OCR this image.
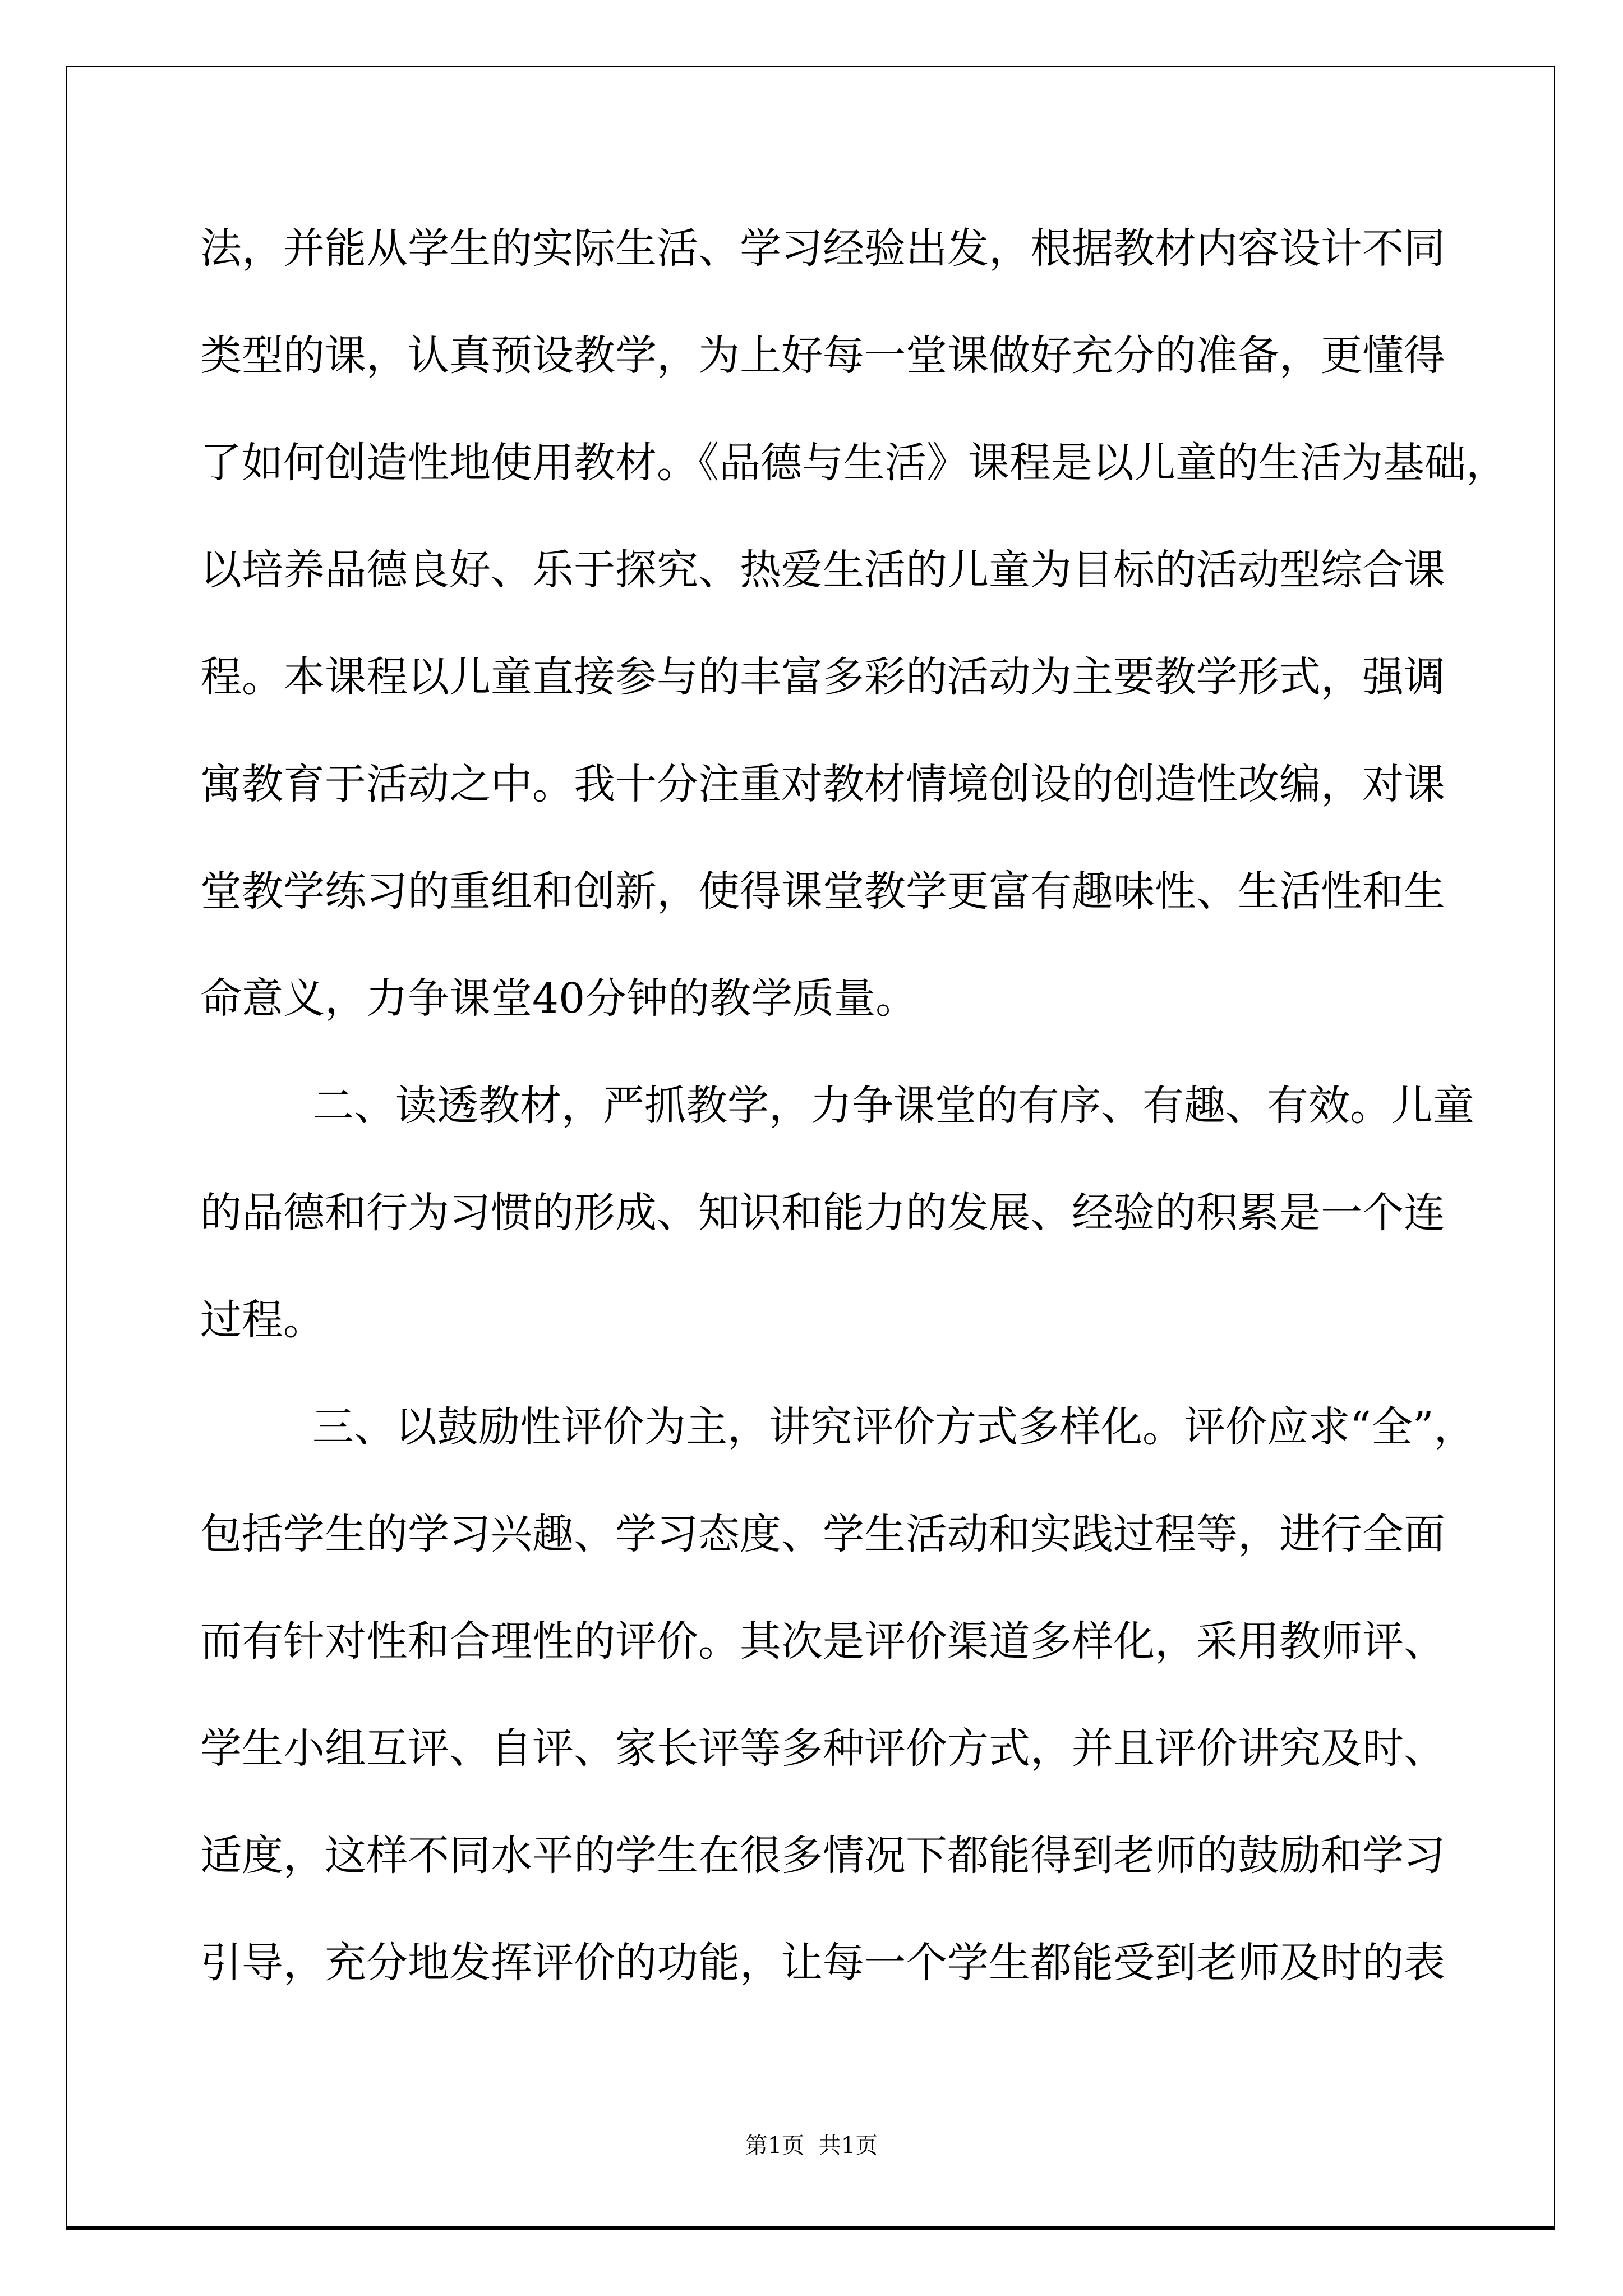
法，并能从学生的实际生活、学习经验出发，根据教材内容设计不同
类型的课，认真预设教学，为上好每一堂课做好充分的准备，更懂得
了如何创造性地使用教材。《品德与生活》课程是以儿童的生活为基础，
以培养品德良好、乐于探究、热爱生活的儿童为目标的活动型综合课
程。本课程以儿童直接参与的丰富多彩的活动为主要教学形式，强调
寓教育于活动之中。我十分注重对教材情境创设的创造性改编，对课
堂教学练习的重组和创新，使得课堂教学更富有趣味性、生活性和生
命意义，力争课堂40分钟的教学质量。
二、读透教材，严抓教学，力争课堂的有序、有趣、有效。儿童
的品德和行为习惯的形成、知识和能力的发展、经验的积累是一个连
过程。
三、以鼓励性评价为主，讲究评价方式多样化。评价应求“全”，
包括学生的学习兴趣、学习态度、学生活动和实践过程等，进行全面
而有针对性和合理性的评价。其次是评价渠道多样化，采用教师评、
学生小组互评、自评、家长评等多种评价方式，并且评价讲究及时、
适度，这样不同水平的学生在很多情况下都能得到老师的鼓励和学习
引导，充分地发挥评价的功能，让每一个学生都能受到老师及时的表
第1页  共1页
